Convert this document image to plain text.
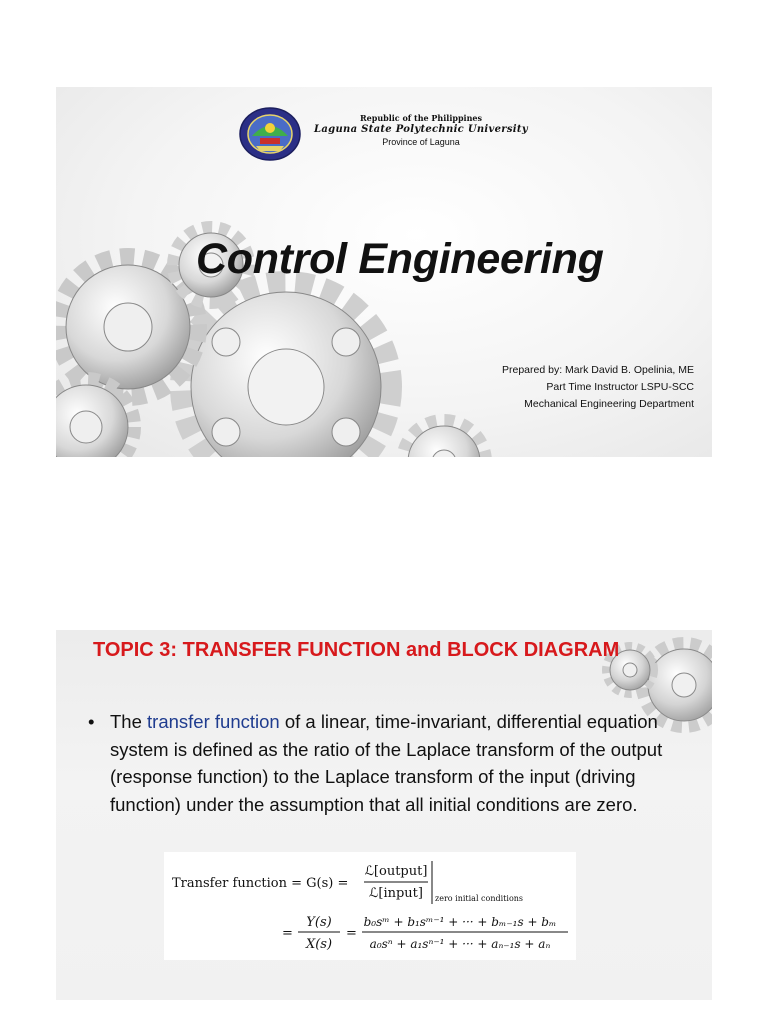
Republic of the Philippines
Laguna State Polytechnic University
Province of Laguna
Control Engineering
Prepared by: Mark David B. Opelinia, ME
Part Time Instructor LSPU-SCC
Mechanical Engineering Department
TOPIC 3: TRANSFER FUNCTION and BLOCK DIAGRAM
• The transfer function of a linear, time-invariant, differential equation system is defined as the ratio of the Laplace transform of the output (response function) to the Laplace transform of the input (driving function) under the assumption that all initial conditions are zero.
Transfer function = G(s) =
ℒ[output]
ℒ[input] zero initial conditions
=
Y(s)
X(s)
=
b₀sᵐ + b₁sᵐ⁻¹ + ··· + bₘ₋₁s + bₘ
a₀sⁿ + a₁sⁿ⁻¹ + ··· + aₙ₋₁s + aₙ
